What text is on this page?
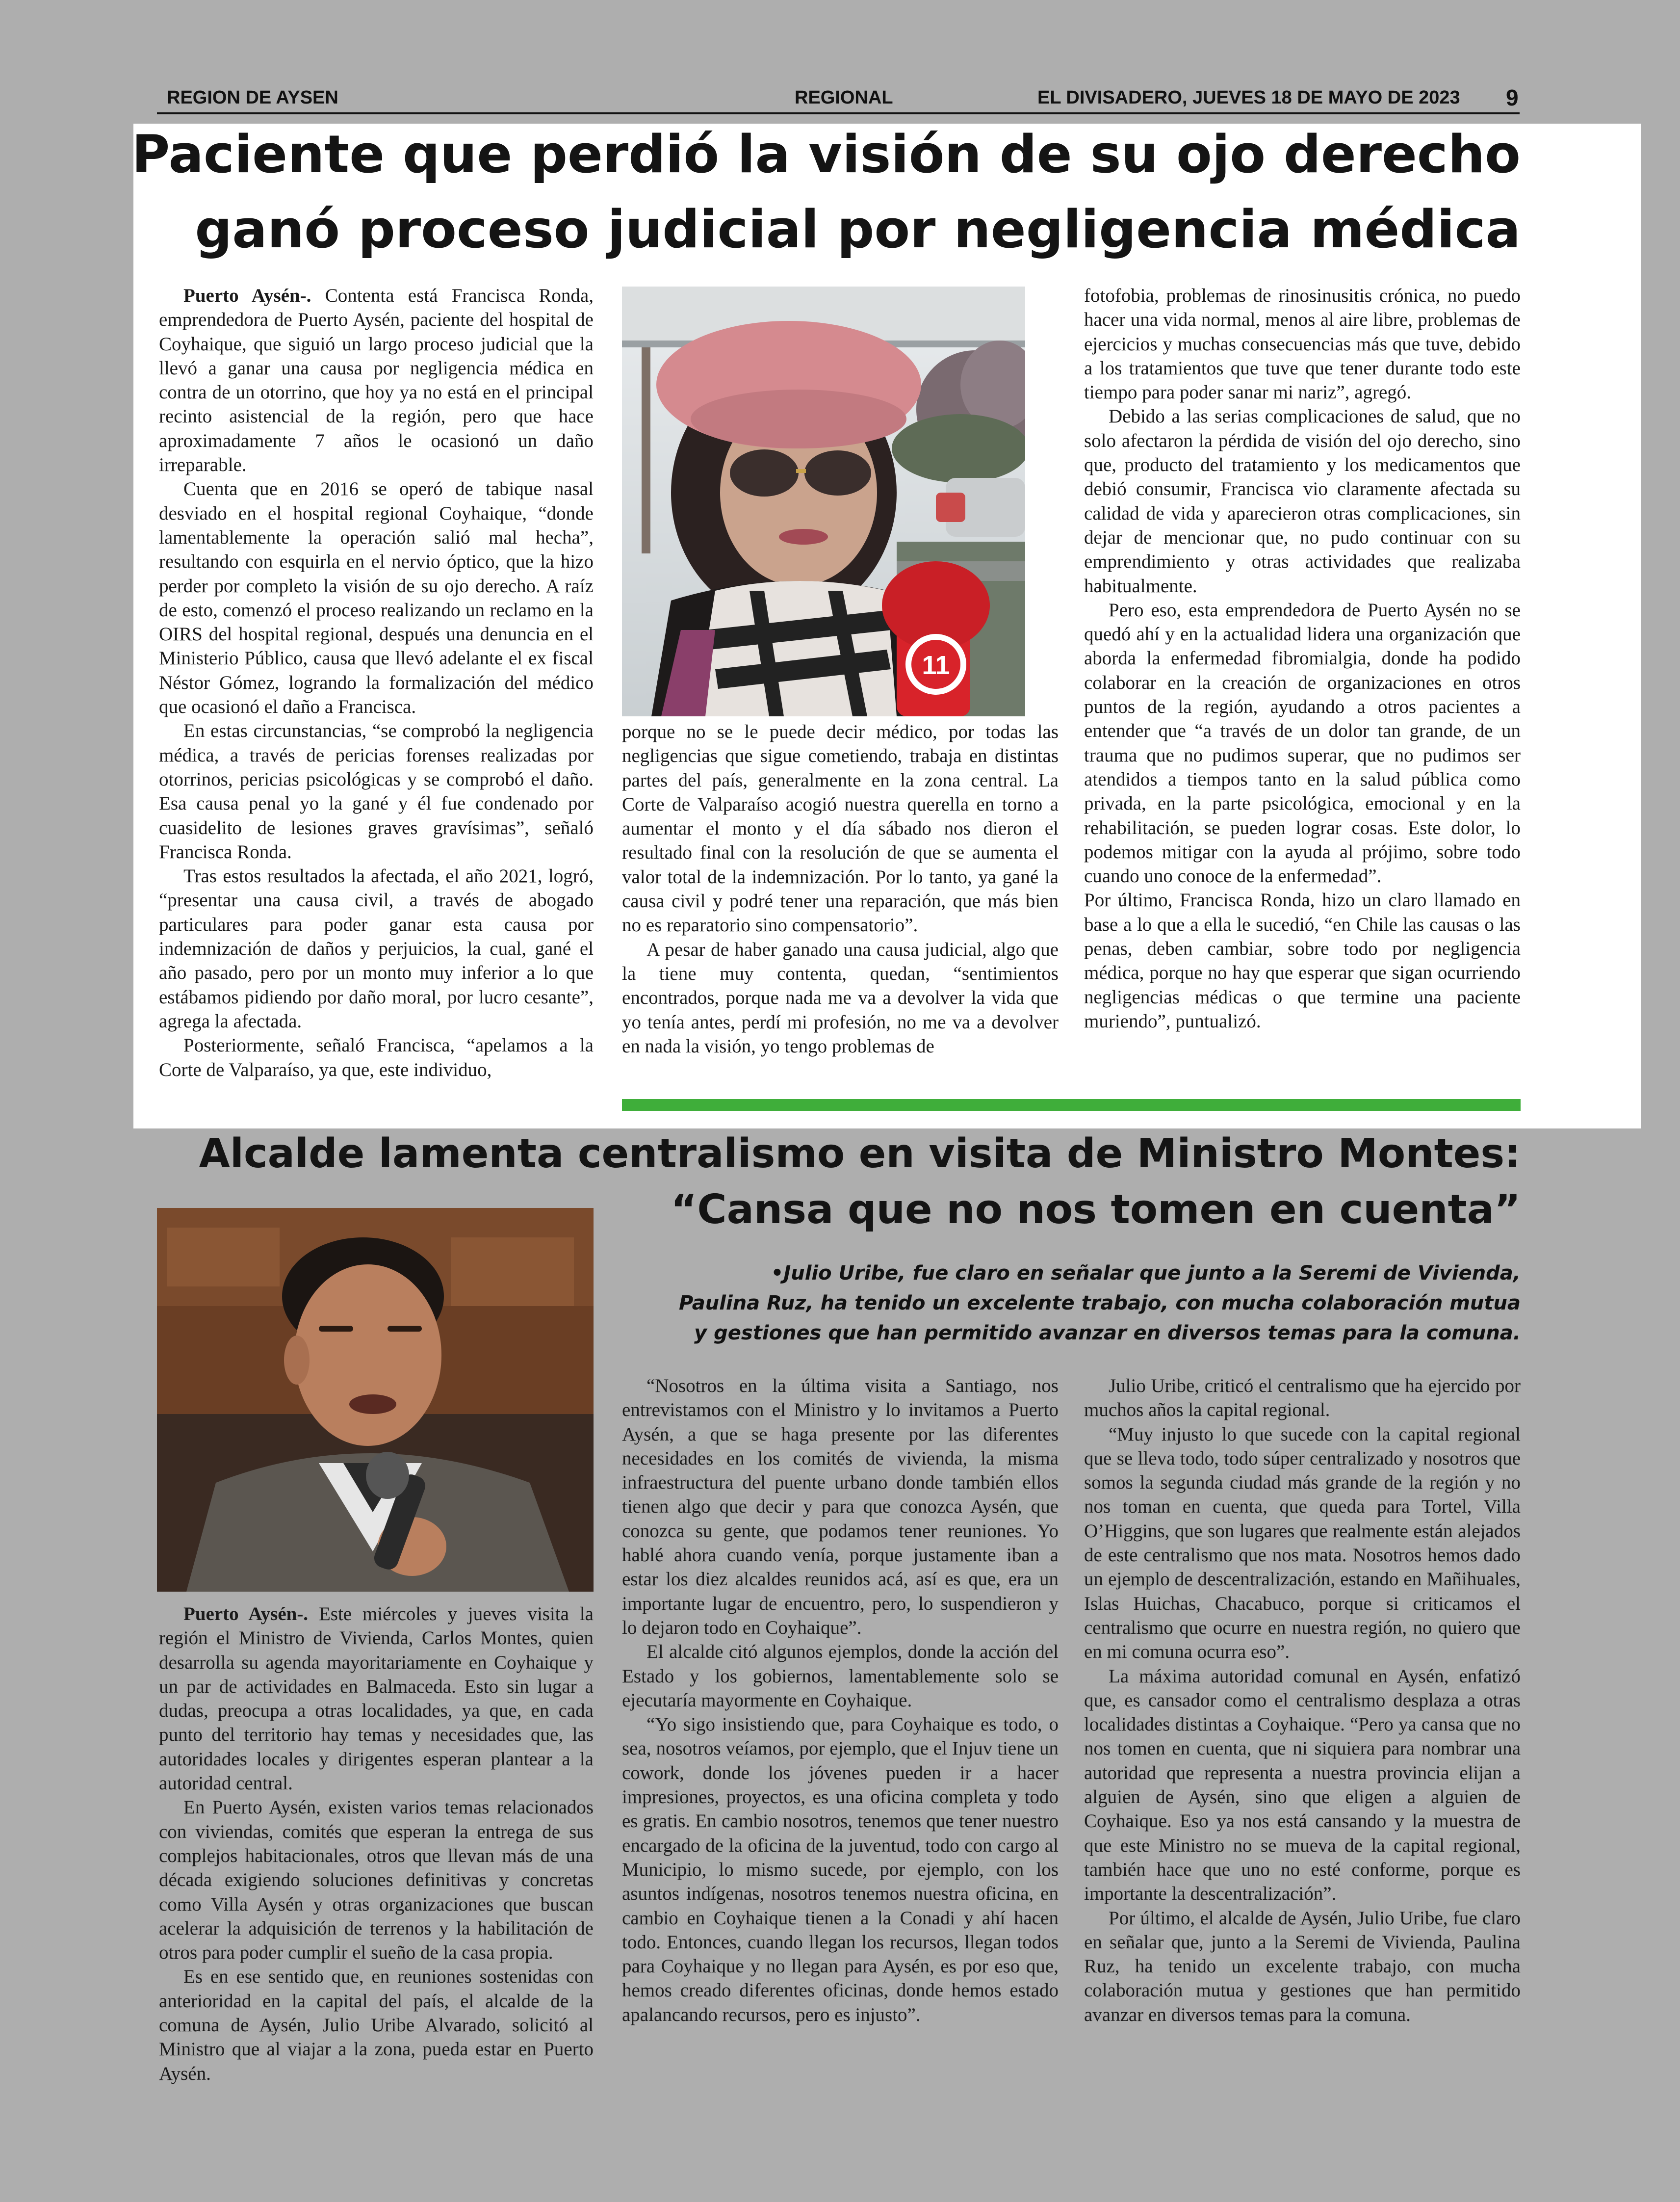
REGION DE AYSEN	REGIONAL	EL DIVISADERO, JUEVES 18 DE MAYO DE 2023 9
Paciente que perdió la visión de su ojo derecho
ganó proceso judicial por negligencia médica
11

Puerto Aysén-. Contenta está Francisca Ronda, emprendedora de Puerto Aysén, paciente del hospital de Coyhaique, que siguió un largo proceso judicial que la llevó a ganar una causa por negligencia médica en contra de un otorrino, que hoy ya no está en el principal recinto asistencial de la región, pero que hace aproximadamente 7 años le ocasionó un daño irreparable.

Cuenta que en 2016 se operó de tabique nasal desviado en el hospital regional Coyhaique, “donde lamentablemente la operación salió mal hecha”, resultando con esquirla en el nervio óptico, que la hizo perder por completo la visión de su ojo derecho. A raíz de esto, comenzó el proceso realizando un reclamo en la OIRS del hospital regional, después una denuncia en el Ministerio Público, causa que llevó adelante el ex fiscal Néstor Gómez, logrando la formalización del médico que ocasionó el daño a Francisca.

En estas circunstancias, “se comprobó la negligencia médica, a través de pericias forenses realizadas por otorrinos, pericias psicológicas y se comprobó el daño. Esa causa penal yo la gané y él fue condenado por cuasidelito de lesiones graves gravísimas”, señaló Francisca Ronda.

Tras estos resultados la afectada, el año 2021, logró, “presentar una causa civil, a través de abogado particulares para poder ganar esta causa por indemnización de daños y perjuicios, la cual, gané el año pasado, pero por un monto muy inferior a lo que estábamos pidiendo por daño moral, por lucro cesante”, agrega la afectada.

Posteriormente, señaló Francisca, “apelamos a la Corte de Valparaíso, ya que, este individuo,

porque no se le puede decir médico, por todas las negligencias que sigue cometiendo, trabaja en distintas partes del país, generalmente en la zona central. La Corte de Valparaíso acogió nuestra querella en torno a aumentar el monto y el día sábado nos dieron el resultado final con la resolución de que se aumenta el valor total de la indemnización. Por lo tanto, ya gané la causa civil y podré tener una reparación, que más bien no es reparatorio sino compensatorio”.

A pesar de haber ganado una causa judicial, algo que la tiene muy contenta, quedan, “sentimientos encontrados, porque nada me va a devolver la vida que yo tenía antes, perdí mi profesión, no me va a devolver en nada la visión, yo tengo problemas de

fotofobia, problemas de rinosinusitis crónica, no puedo hacer una vida normal, menos al aire libre, problemas de ejercicios y muchas consecuencias más que tuve, debido a los tratamientos que tuve que tener durante todo este tiempo para poder sanar mi nariz”, agregó.

Debido a las serias complicaciones de salud, que no solo afectaron la pérdida de visión del ojo derecho, sino que, producto del tratamiento y los medicamentos que debió consumir, Francisca vio claramente afectada su calidad de vida y aparecieron otras complicaciones, sin dejar de mencionar que, no pudo continuar con su emprendimiento y otras actividades que realizaba habitualmente.

Pero eso, esta emprendedora de Puerto Aysén no se quedó ahí y en la actualidad lidera una organización que aborda la enfermedad fibromialgia, donde ha podido colaborar en la creación de organizaciones en otros puntos de la región, ayudando a otros pacientes a entender que “a través de un dolor tan grande, de un trauma que no pudimos superar, que no pudimos ser atendidos a tiempos tanto en la salud pública como privada, en la parte psicológica, emocional y en la rehabilitación, se pueden lograr cosas. Este dolor, lo podemos mitigar con la ayuda al prójimo, sobre todo cuando uno conoce de la enfermedad”.

Por último, Francisca Ronda, hizo un claro llamado en base a lo que a ella le sucedió, “en Chile las causas o las penas, deben cambiar, sobre todo por negligencia médica, porque no hay que esperar que sigan ocurriendo negligencias médicas o que termine una paciente muriendo”, puntualizó.

Alcalde lamenta centralismo en visita de Ministro Montes:
“Cansa que no nos tomen en cuenta”
•Julio Uribe, fue claro en señalar que junto a la Seremi de Vivienda, Paulina Ruz, ha tenido un excelente trabajo, con mucha colaboración mutua y gestiones que han permitido avanzar en diversos temas para la comuna.

Puerto Aysén-. Este miércoles y jueves visita la región el Ministro de Vivienda, Carlos Montes, quien desarrolla su agenda mayoritariamente en Coyhaique y un par de actividades en Balmaceda. Esto sin lugar a dudas, preocupa a otras localidades, ya que, en cada punto del territorio hay temas y necesidades que, las autoridades locales y dirigentes esperan plantear a la autoridad central.

En Puerto Aysén, existen varios temas relacionados con viviendas, comités que esperan la entrega de sus complejos habitacionales, otros que llevan más de una década exigiendo soluciones definitivas y concretas como Villa Aysén y otras organizaciones que buscan acelerar la adquisición de terrenos y la habilitación de otros para poder cumplir el sueño de la casa propia.

Es en ese sentido que, en reuniones sostenidas con anterioridad en la capital del país, el alcalde de la comuna de Aysén, Julio Uribe Alvarado, solicitó al Ministro que al viajar a la zona, pueda estar en Puerto Aysén.

“Nosotros en la última visita a Santiago, nos entrevistamos con el Ministro y lo invitamos a Puerto Aysén, a que se haga presente por las diferentes necesidades en los comités de vivienda, la misma infraestructura del puente urbano donde también ellos tienen algo que decir y para que conozca Aysén, que conozca su gente, que podamos tener reuniones. Yo hablé ahora cuando venía, porque justamente iban a estar los diez alcaldes reunidos acá, así es que, era un importante lugar de encuentro, pero, lo suspendieron y lo dejaron todo en Coyhaique”.

El alcalde citó algunos ejemplos, donde la acción del Estado y los gobiernos, lamentablemente solo se ejecutaría mayormente en Coyhaique.

“Yo sigo insistiendo que, para Coyhaique es todo, o sea, nosotros veíamos, por ejemplo, que el Injuv tiene un cowork, donde los jóvenes pueden ir a hacer impresiones, proyectos, es una oficina completa y todo es gratis. En cambio nosotros, tenemos que tener nuestro encargado de la oficina de la juventud, todo con cargo al Municipio, lo mismo sucede, por ejemplo, con los asuntos indígenas, nosotros tenemos nuestra oficina, en cambio en Coyhaique tienen a la Conadi y ahí hacen todo. Entonces, cuando llegan los recursos, llegan todos para Coyhaique y no llegan para Aysén, es por eso que, hemos creado diferentes oficinas, donde hemos estado apalancando recursos, pero es injusto”.

Julio Uribe, criticó el centralismo que ha ejercido por muchos años la capital regional.

“Muy injusto lo que sucede con la capital regional que se lleva todo, todo súper centralizado y nosotros que somos la segunda ciudad más grande de la región y no nos toman en cuenta, que queda para Tortel, Villa O’Higgins, que son lugares que realmente están alejados de este centralismo que nos mata. Nosotros hemos dado un ejemplo de descentralización, estando en Mañihuales, Islas Huichas, Chacabuco, porque si criticamos el centralismo que ocurre en nuestra región, no quiero que en mi comuna ocurra eso”.

La máxima autoridad comunal en Aysén, enfatizó que, es cansador como el centralismo desplaza a otras localidades distintas a Coyhaique. “Pero ya cansa que no nos tomen en cuenta, que ni siquiera para nombrar una autoridad que representa a nuestra provincia elijan a alguien de Aysén, sino que eligen a alguien de Coyhaique. Eso ya nos está cansando y la muestra de que este Ministro no se mueva de la capital regional, también hace que uno no esté conforme, porque es importante la descentralización”.

Por último, el alcalde de Aysén, Julio Uribe, fue claro en señalar que, junto a la Seremi de Vivienda, Paulina Ruz, ha tenido un excelente trabajo, con mucha colaboración mutua y gestiones que han permitido avanzar en diversos temas para la comuna.
